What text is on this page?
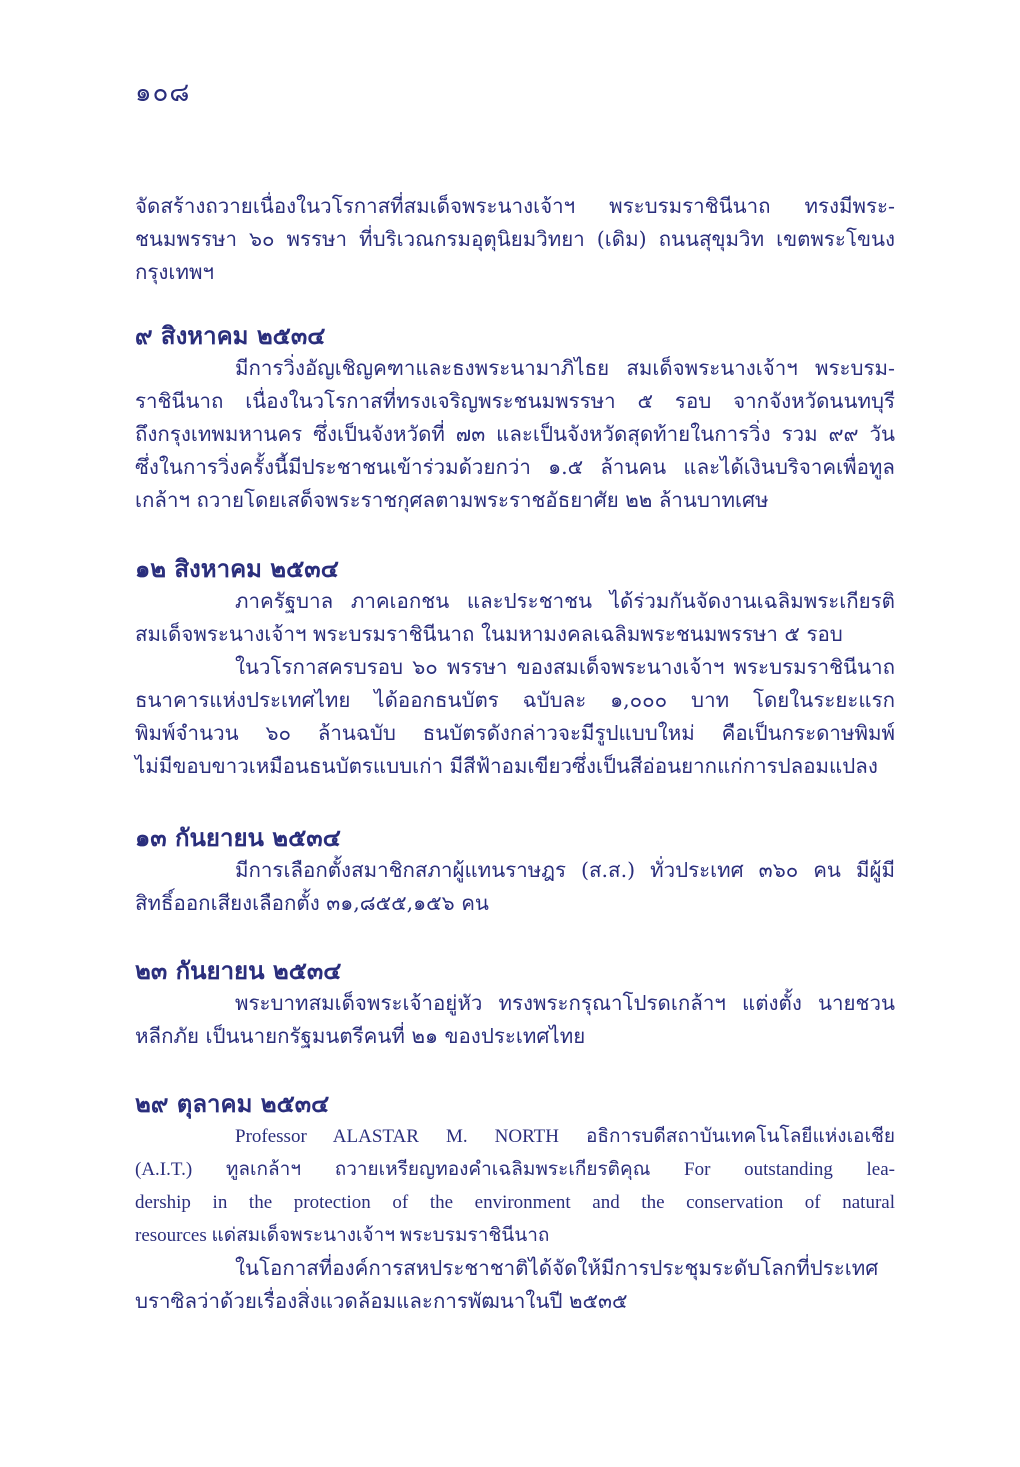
๑๐๘
จัดสร้างถวายเนื่องในวโรกาสที่สมเด็จพระนางเจ้าฯ พระบรมราชินีนาถ ทรงมีพระ-
ชนมพรรษา ๖๐ พรรษา ที่บริเวณกรมอุตุนิยมวิทยา (เดิม) ถนนสุขุมวิท เขตพระโขนง
กรุงเทพฯ
๙ สิงหาคม ๒๕๓๔
มีการวิ่งอัญเชิญคฑาและธงพระนามาภิไธย สมเด็จพระนางเจ้าฯ พระบรม-
ราชินีนาถ เนื่องในวโรกาสที่ทรงเจริญพระชนมพรรษา ๕ รอบ จากจังหวัดนนทบุรี
ถึงกรุงเทพมหานคร ซึ่งเป็นจังหวัดที่ ๗๓ และเป็นจังหวัดสุดท้ายในการวิ่ง รวม ๙๙ วัน
ซึ่งในการวิ่งครั้งนี้มีประชาชนเข้าร่วมด้วยกว่า ๑.๕ ล้านคน และได้เงินบริจาคเพื่อทูล
เกล้าฯ ถวายโดยเสด็จพระราชกุศลตามพระราชอัธยาศัย ๒๒ ล้านบาทเศษ
๑๒ สิงหาคม ๒๕๓๔
ภาครัฐบาล ภาคเอกชน และประชาชน ได้ร่วมกันจัดงานเฉลิมพระเกียรติ
สมเด็จพระนางเจ้าฯ พระบรมราชินีนาถ ในมหามงคลเฉลิมพระชนมพรรษา ๕ รอบ
ในวโรกาสครบรอบ ๖๐ พรรษา ของสมเด็จพระนางเจ้าฯ พระบรมราชินีนาถ
ธนาคารแห่งประเทศไทย ได้ออกธนบัตร ฉบับละ ๑,๐๐๐ บาท โดยในระยะแรก
พิมพ์จำนวน ๖๐ ล้านฉบับ ธนบัตรดังกล่าวจะมีรูปแบบใหม่ คือเป็นกระดาษพิมพ์
ไม่มีขอบขาวเหมือนธนบัตรแบบเก่า มีสีฟ้าอมเขียวซึ่งเป็นสีอ่อนยากแก่การปลอมแปลง
๑๓ กันยายน ๒๕๓๔
มีการเลือกตั้งสมาชิกสภาผู้แทนราษฎร (ส.ส.) ทั่วประเทศ ๓๖๐ คน มีผู้มี
สิทธิ์ออกเสียงเลือกตั้ง ๓๑,๘๕๕,๑๕๖ คน
๒๓ กันยายน ๒๕๓๔
พระบาทสมเด็จพระเจ้าอยู่หัว ทรงพระกรุณาโปรดเกล้าฯ แต่งตั้ง นายชวน
หลีกภัย เป็นนายกรัฐมนตรีคนที่ ๒๑ ของประเทศไทย
๒๙ ตุลาคม ๒๕๓๔
Professor ALASTAR M. NORTH อธิการบดีสถาบันเทคโนโลยีแห่งเอเชีย
(A.I.T.) ทูลเกล้าฯ ถวายเหรียญทองคำเฉลิมพระเกียรติคุณ For outstanding lea-
dership in the protection of the environment and the conservation of natural
resources แด่สมเด็จพระนางเจ้าฯ พระบรมราชินีนาถ
ในโอกาสที่องค์การสหประชาชาติได้จัดให้มีการประชุมระดับโลกที่ประเทศ
บราซิลว่าด้วยเรื่องสิ่งแวดล้อมและการพัฒนาในปี ๒๕๓๕
